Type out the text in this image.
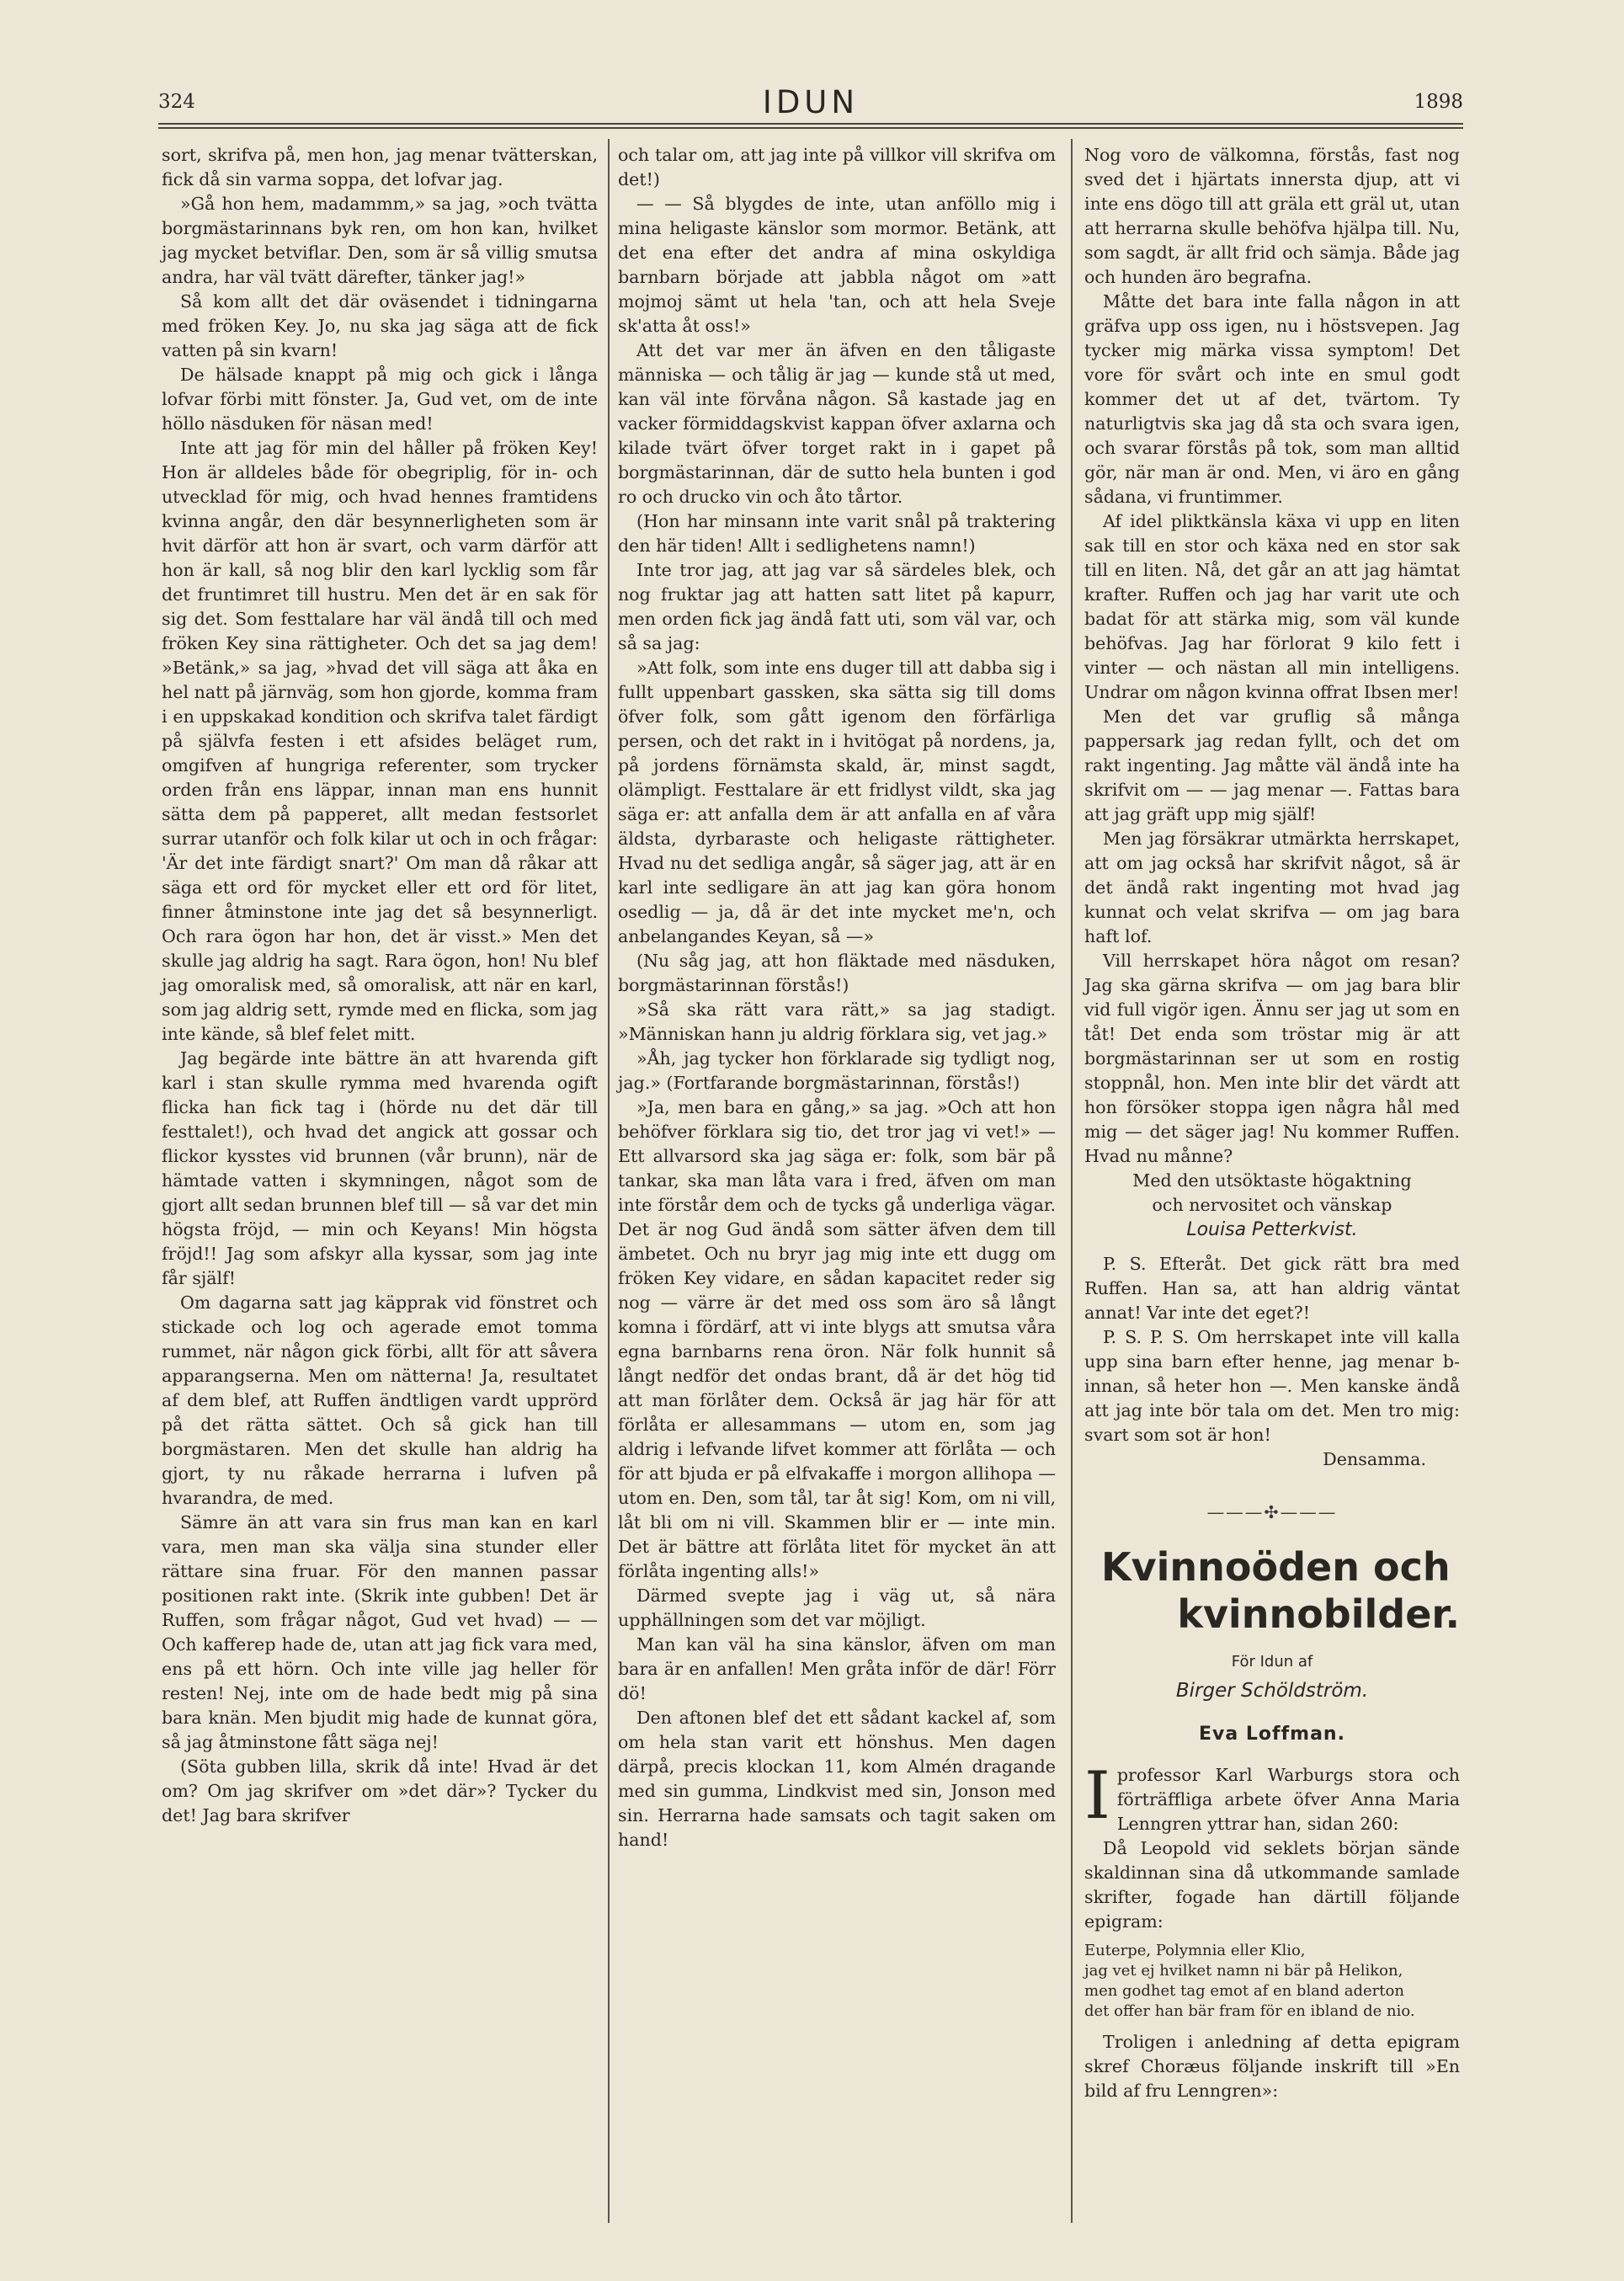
324	IDUN	1898

sort, skrifva på, men hon, jag menar tvätterskan, fick då sin varma soppa, det lofvar jag.

»Gå hon hem, madammm,» sa jag, »och tvätta borgmästarinnans byk ren, om hon kan, hvilket jag mycket betviflar. Den, som är så villig smutsa andra, har väl tvätt därefter, tänker jag!»

Så kom allt det där oväsendet i tidningarna med fröken Key. Jo, nu ska jag säga att de fick vatten på sin kvarn!

De hälsade knappt på mig och gick i långa lofvar förbi mitt fönster. Ja, Gud vet, om de inte höllo näsduken för näsan med!

Inte att jag för min del håller på fröken Key! Hon är alldeles både för obegriplig, för in- och utvecklad för mig, och hvad hennes framtidens kvinna angår, den där besynnerligheten som är hvit därför att hon är svart, och varm därför att hon är kall, så nog blir den karl lycklig som får det fruntimret till hustru. Men det är en sak för sig det. Som festtalare har väl ändå till och med fröken Key sina rättigheter. Och det sa jag dem! »Betänk,» sa jag, »hvad det vill säga att åka en hel natt på järnväg, som hon gjorde, komma fram i en uppskakad kondition och skrifva talet färdigt på självfa festen i ett afsides beläget rum, omgifven af hungriga referenter, som trycker orden från ens läppar, innan man ens hunnit sätta dem på papperet, allt medan festsorlet surrar utanför och folk kilar ut och in och frågar: 'Är det inte färdigt snart?' Om man då råkar att säga ett ord för mycket eller ett ord för litet, finner åtminstone inte jag det så besynnerligt. Och rara ögon har hon, det är visst.» Men det skulle jag aldrig ha sagt. Rara ögon, hon! Nu blef jag omoralisk med, så omoralisk, att när en karl, som jag aldrig sett, rymde med en flicka, som jag inte kände, så blef felet mitt.

Jag begärde inte bättre än att hvarenda gift karl i stan skulle rymma med hvarenda ogift flicka han fick tag i (hörde nu det där till festtalet!), och hvad det angick att gossar och flickor kysstes vid brunnen (vår brunn), när de hämtade vatten i skymningen, något som de gjort allt sedan brunnen blef till — så var det min högsta fröjd, — min och Keyans! Min högsta fröjd!! Jag som afskyr alla kyssar, som jag inte får själf!

Om dagarna satt jag käpprak vid fönstret och stickade och log och agerade emot tomma rummet, när någon gick förbi, allt för att såvera apparangserna. Men om nätterna! Ja, resultatet af dem blef, att Ruffen ändtligen vardt upprörd på det rätta sättet. Och så gick han till borgmästaren. Men det skulle han aldrig ha gjort, ty nu råkade herrarna i lufven på hvarandra, de med.

Sämre än att vara sin frus man kan en karl vara, men man ska välja sina stunder eller rättare sina fruar. För den mannen passar positionen rakt inte. (Skrik inte gubben! Det är Ruffen, som frågar något, Gud vet hvad) — — Och kafferep hade de, utan att jag fick vara med, ens på ett hörn. Och inte ville jag heller för resten! Nej, inte om de hade bedt mig på sina bara knän. Men bjudit mig hade de kunnat göra, så jag åtminstone fått säga nej!

(Söta gubben lilla, skrik då inte! Hvad är det om? Om jag skrifver om »det där»? Tycker du det! Jag bara skrifver

och talar om, att jag inte på villkor vill skrifva om det!)

— — Så blygdes de inte, utan anföllo mig i mina heligaste känslor som mormor. Betänk, att det ena efter det andra af mina oskyldiga barnbarn började att jabbla något om »att mojmoj sämt ut hela 'tan, och att hela Sveje sk'atta åt oss!»

Att det var mer än äfven en den tåligaste människa — och tålig är jag — kunde stå ut med, kan väl inte förvåna någon. Så kastade jag en vacker förmiddagskvist kappan öfver axlarna och kilade tvärt öfver torget rakt in i gapet på borgmästarinnan, där de sutto hela bunten i god ro och drucko vin och åto tårtor.

(Hon har minsann inte varit snål på traktering den här tiden! Allt i sedlighetens namn!)

Inte tror jag, att jag var så särdeles blek, och nog fruktar jag att hatten satt litet på kapurr, men orden fick jag ändå fatt uti, som väl var, och så sa jag:

»Att folk, som inte ens duger till att dabba sig i fullt uppenbart gassken, ska sätta sig till doms öfver folk, som gått igenom den förfärliga persen, och det rakt in i hvitögat på nordens, ja, på jordens förnämsta skald, är, minst sagdt, olämpligt. Festtalare är ett fridlyst vildt, ska jag säga er: att anfalla dem är att anfalla en af våra äldsta, dyrbaraste och heligaste rättigheter. Hvad nu det sedliga angår, så säger jag, att är en karl inte sedligare än att jag kan göra honom osedlig — ja, då är det inte mycket me'n, och anbelangandes Keyan, så —»

(Nu såg jag, att hon fläktade med näsduken, borgmästarinnan förstås!)

»Så ska rätt vara rätt,» sa jag stadigt. »Människan hann ju aldrig förklara sig, vet jag.»

»Åh, jag tycker hon förklarade sig tydligt nog, jag.» (Fortfarande borgmästarinnan, förstås!)

»Ja, men bara en gång,» sa jag. »Och att hon behöfver förklara sig tio, det tror jag vi vet!» — Ett allvarsord ska jag säga er: folk, som bär på tankar, ska man låta vara i fred, äfven om man inte förstår dem och de tycks gå underliga vägar. Det är nog Gud ändå som sätter äfven dem till ämbetet. Och nu bryr jag mig inte ett dugg om fröken Key vidare, en sådan kapacitet reder sig nog — värre är det med oss som äro så långt komna i fördärf, att vi inte blygs att smutsa våra egna barnbarns rena öron. När folk hunnit så långt nedför det ondas brant, då är det hög tid att man förlåter dem. Också är jag här för att förlåta er allesammans — utom en, som jag aldrig i lefvande lifvet kommer att förlåta — och för att bjuda er på elfvakaffe i morgon allihopa — utom en. Den, som tål, tar åt sig! Kom, om ni vill, låt bli om ni vill. Skammen blir er — inte min. Det är bättre att förlåta litet för mycket än att förlåta ingenting alls!»

Därmed svepte jag i väg ut, så nära upphällningen som det var möjligt.

Man kan väl ha sina känslor, äfven om man bara är en anfallen! Men gråta inför de där! Förr dö!

Den aftonen blef det ett sådant kackel af, som om hela stan varit ett hönshus. Men dagen därpå, precis klockan 11, kom Almén dragande med sin gumma, Lindkvist med sin, Jonson med sin. Herrarna hade samsats och tagit saken om hand!

Nog voro de välkomna, förstås, fast nog sved det i hjärtats innersta djup, att vi inte ens dögo till att gräla ett gräl ut, utan att herrarna skulle behöfva hjälpa till. Nu, som sagdt, är allt frid och sämja. Både jag och hunden äro begrafna.

Måtte det bara inte falla någon in att gräfva upp oss igen, nu i höstsvepen. Jag tycker mig märka vissa symptom! Det vore för svårt och inte en smul godt kommer det ut af det, tvärtom. Ty naturligtvis ska jag då sta och svara igen, och svarar förstås på tok, som man alltid gör, när man är ond. Men, vi äro en gång sådana, vi fruntimmer.

Af idel pliktkänsla käxa vi upp en liten sak till en stor och käxa ned en stor sak till en liten. Nå, det går an att jag hämtat krafter. Ruffen och jag har varit ute och badat för att stärka mig, som väl kunde behöfvas. Jag har förlorat 9 kilo fett i vinter — och nästan all min intelligens. Undrar om någon kvinna offrat Ibsen mer!

Men det var gruflig så många pappersark jag redan fyllt, och det om rakt ingenting. Jag måtte väl ändå inte ha skrifvit om — — jag menar —. Fattas bara att jag gräft upp mig själf!

Men jag försäkrar utmärkta herrskapet, att om jag också har skrifvit något, så är det ändå rakt ingenting mot hvad jag kunnat och velat skrifva — om jag bara haft lof.

Vill herrskapet höra något om resan? Jag ska gärna skrifva — om jag bara blir vid full vigör igen. Ännu ser jag ut som en tåt! Det enda som tröstar mig är att borgmästarinnan ser ut som en rostig stoppnål, hon. Men inte blir det värdt att hon försöker stoppa igen några hål med mig — det säger jag! Nu kommer Ruffen. Hvad nu månne?

Med den utsöktaste högaktning

och nervositet och vänskap

Louisa Petterkvist.

P. S. Efteråt. Det gick rätt bra med Ruffen. Han sa, att han aldrig väntat annat! Var inte det eget?!

P. S. P. S. Om herrskapet inte vill kalla upp sina barn efter henne, jag menar b-innan, så heter hon —. Men kanske ändå att jag inte bör tala om det. Men tro mig: svart som sot är hon!

Densamma.

———✣———
Kvinnoöden och
kvinnobilder.
För Idun af
Birger Schöldström.
Eva Loffman.

I professor Karl Warburgs stora och förträffliga arbete öfver Anna Maria Lenngren yttrar han, sidan 260:

Då Leopold vid seklets början sände skaldinnan sina då utkommande samlade skrifter, fogade han därtill följande epigram:

Euterpe, Polymnia eller Klio,
jag vet ej hvilket namn ni bär på Helikon,
men godhet tag emot af en bland aderton
det offer han bär fram för en ibland de nio.

Troligen i anledning af detta epigram skref Choræus följande inskrift till »En bild af fru Lenngren»:
